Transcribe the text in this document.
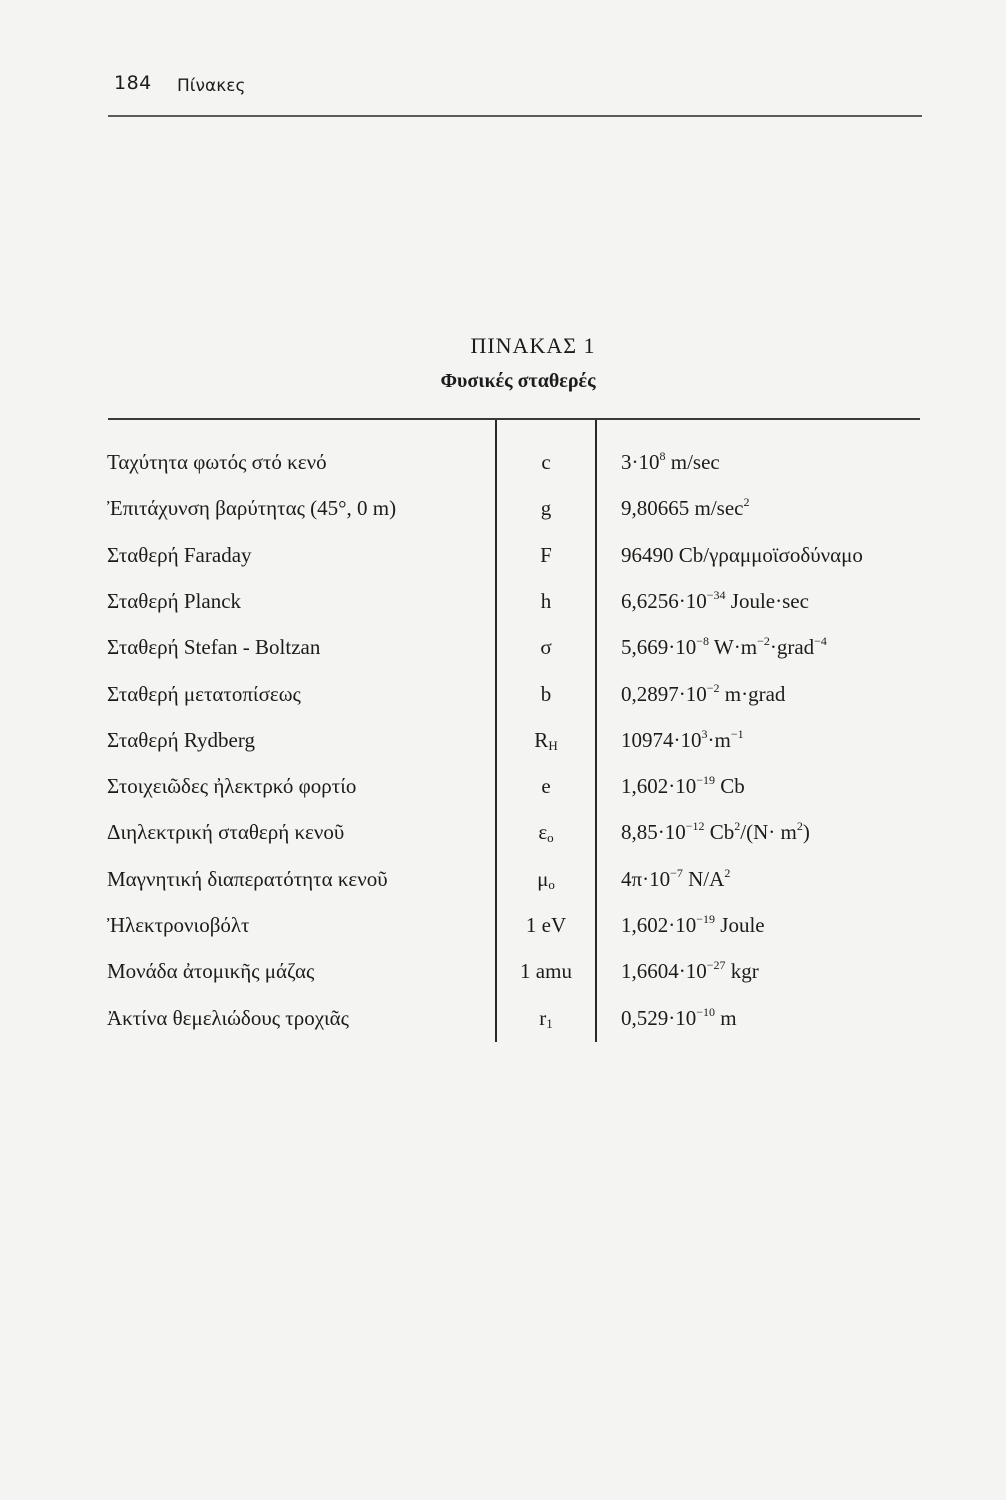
184 Πίνακες
ΠΙΝΑΚΑΣ 1
Φυσικές σταθερές
Ταχύτητα φωτός στό κενό	c	$3\cdot 10^8$ m/sec
Ἐπιτάχυνση βαρύτητας (45°, 0 m)	g	9,80665 $m/\sec^2$
Σταθερή Faraday	F	96490 Cb/γραμμοϊσοδύναμο
Σταθερή Planck	h	$6,6256\cdot 10^{-34}$ Joule·sec
Σταθερή Stefan - Boltzan	σ	$5,669\cdot 10^{-8}$ $W\cdot m^{-2}\cdot grad^{-4}$
Σταθερή μετατοπίσεως	b	$0,2897\cdot 10^{-2}$ m·grad
Σταθερή Rydberg	$R_H$	$10974\cdot 10^3\cdot m^{-1}$
Στοιχειῶδες ἠλεκτρκό φορτίο	e	$1,602\cdot 10^{-19}$ Cb
Διηλεκτρική σταθερή κενοῦ	$\varepsilon_o$	$8,85\cdot 10^{-12}$ $Cb^2/(N\cdot m^2)$
Μαγνητική διαπερατότητα κενοῦ	$\mu_o$	$4\pi\cdot 10^{-7}$ $N/A^2$
Ἠλεκτρονιοβόλτ	1 eV	$1,602\cdot 10^{-19}$ Joule
Μονάδα ἀτομικῆς μάζας	1 amu	$1,6604\cdot 10^{-27}$ kgr
Ἀκτίνα θεμελιώδους τροχιᾶς	$r_1$	$0,529\cdot 10^{-10}$ m
